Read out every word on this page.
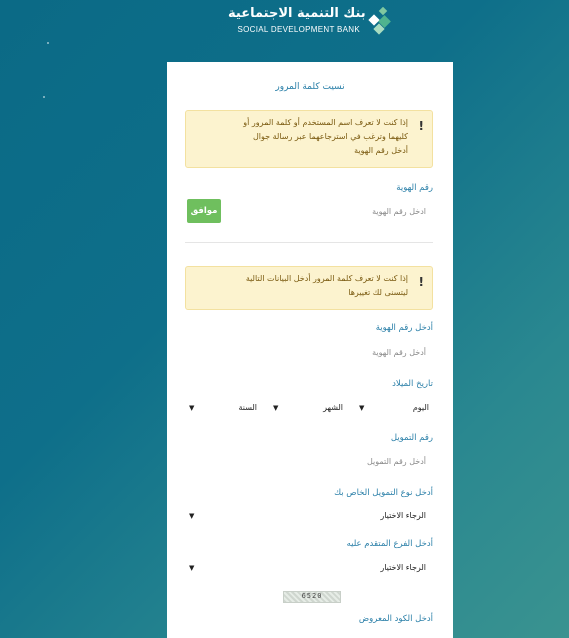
بنك التنمية الاجتماعية
SOCIAL DEVELOPMENT BANK
نسيت كلمة المرور
!
إذا كنت لا تعرف اسم المستخدم أو كلمة المرور أو
كليهما وترغب في استرجاعهما عبر رسالة جوال
أدخل رقم الهوية
رقم الهوية
ادخل رقم الهوية
موافق
!
إذا كنت لا تعرف كلمة المرور أدخل البيانات التالية
ليتسنى لك تغييرها
أدخل رقم الهوية
أدخل رقم الهوية
تاريخ الميلاد
اليوم
▼
الشهر
▼
السنة
▼
رقم التمويل
أدخل رقم التمويل
أدخل نوع التمويل الخاص بك
الرجاء الاختيار
▼
أدخل الفرع المتقدم عليه
الرجاء الاختيار
▼
6520
أدخل الكود المعروض
